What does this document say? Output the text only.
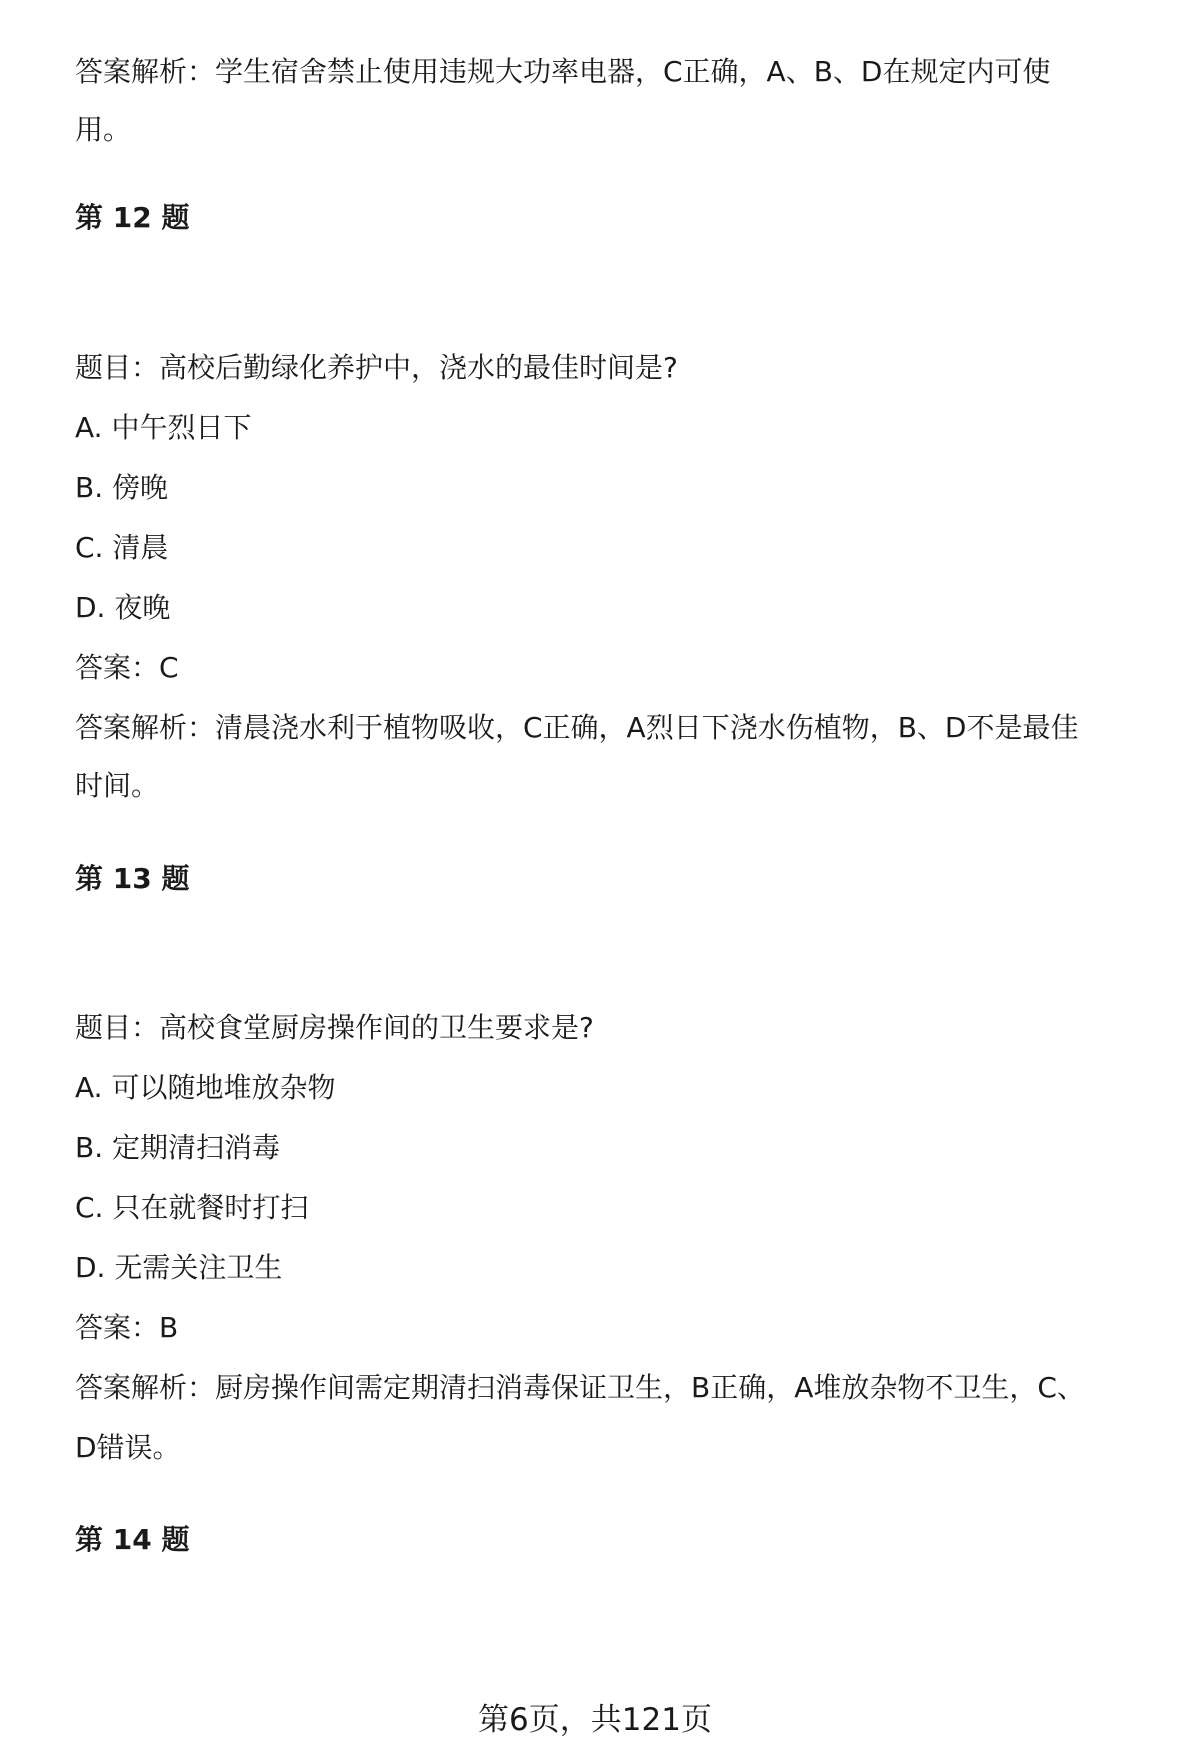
答案解析：学生宿舍禁止使用违规大功率电器，C正确，A、B、D在规定内可使
用。
第 12 题
题目：高校后勤绿化养护中，浇水的最佳时间是?
A. 中午烈日下
B. 傍晚
C. 清晨
D. 夜晚
答案：C
答案解析：清晨浇水利于植物吸收，C正确，A烈日下浇水伤植物，B、D不是最佳
时间。
第 13 题
题目：高校食堂厨房操作间的卫生要求是?
A. 可以随地堆放杂物
B. 定期清扫消毒
C. 只在就餐时打扫
D. 无需关注卫生
答案：B
答案解析：厨房操作间需定期清扫消毒保证卫生，B正确，A堆放杂物不卫生，C、
D错误。
第 14 题
第6页，共121页
